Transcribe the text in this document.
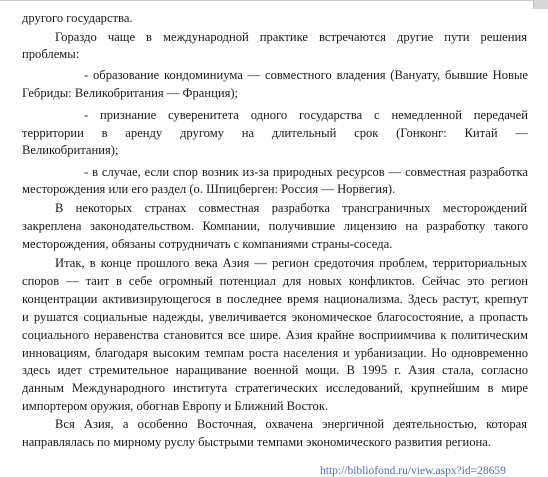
другого государства.
Гораздо чаще в международной практике встречаются другие пути решения
проблемы:
- образование кондоминиума — совместного владения (Вануату, бывшие Новые
Гебриды: Великобритания — Франция);
- признание суверенитета одного государства с немедленной передачей
территории в аренду другому на длительный срок (Гонконг: Китай —
Великобритания);
- в случае, если спор возник из-за природных ресурсов — совместная разработка
месторождения или его раздел (о. Шпицберген: Россия — Норвегия).
В некоторых странах совместная разработка трансграничных месторождений
закреплена законодательством. Компании, получившие лицензию на разработку такого
месторождения, обязаны сотрудничать с компаниями страны-соседа.
Итак, в конце прошлого века Азия — регион средоточия проблем, территориальных
споров — таит в себе огромный потенциал для новых конфликтов. Сейчас это регион
концентрации активизирующегося в последнее время национализма. Здесь растут, крепнут
и рушатся социальные надежды, увеличивается экономическое благосостояние, а пропасть
социального неравенства становится все шире. Азия крайне восприимчива к политическим
инновациям, благодаря высоким темпам роста населения и урбанизации. Но одновременно
здесь идет стремительное наращивание военной мощи. В 1995 г. Азия стала, согласно
данным Международного института стратегических исследований, крупнейшим в мире
импортером оружия, обогнав Европу и Ближний Восток.
Вся Азия, а особенно Восточная, охвачена энергичной деятельностью, которая
направлялась по мирному руслу быстрыми темпами экономического развития региона.
http://bibliofond.ru/view.aspx?id=28659
